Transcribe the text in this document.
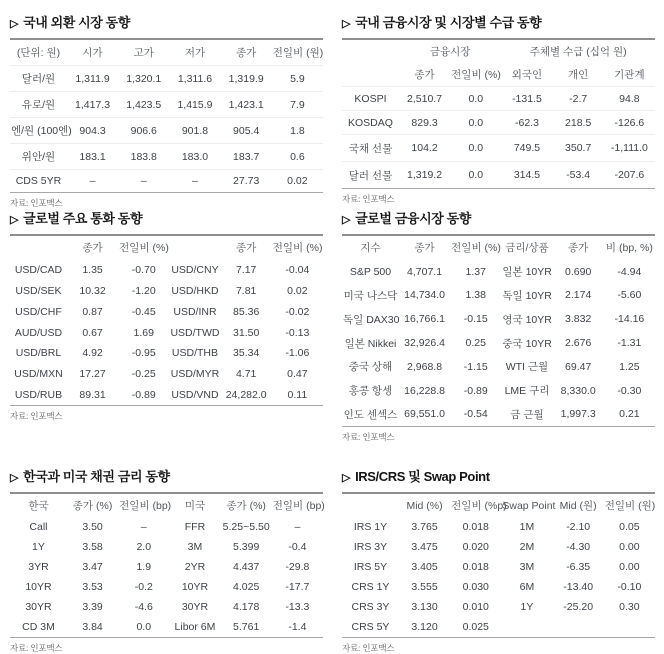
▷ 국내 외환 시장 동향
(단위: 원)	시가	고가	저가	종가	전일비 (원)
달러/원	1,311.9	1,320.1	1,311.6	1,319.9	5.9
유로/원	1,417.3	1,423.5	1,415.9	1,423.1	7.9
엔/원 (100엔)	904.3	906.6	901.8	905.4	1.8
위안/원	183.1	183.8	183.0	183.7	0.6
CDS 5YR	–	–	–	27.73	0.02
자료: 인포맥스
▷ 국내 금융시장 및 시장별 수급 동향
	금융시장		주체별 수급 (십억 원)		
	종가	전일비 (%)	외국인	개인	기관계
KOSPI	2,510.7	0.0	-131.5	-2.7	94.8
KOSDAQ	829.3	0.0	-62.3	218.5	-126.6
국채 선물	104.2	0.0	749.5	350.7	-1,111.0
달러 선물	1,319.2	0.0	314.5	-53.4	-207.6
자료: 인포맥스
▷ 글로벌 주요 통화 동향
	종가	전일비 (%)		종가	전일비 (%)
USD/CAD	1.35	-0.70	USD/CNY	7.17	-0.04
USD/SEK	10.32	-1.20	USD/HKD	7.81	0.02
USD/CHF	0.87	-0.45	USD/INR	85.36	-0.02
AUD/USD	0.67	1.69	USD/TWD	31.50	-0.13
USD/BRL	4.92	-0.95	USD/THB	35.34	-1.06
USD/MXN	17.27	-0.25	USD/MYR	4.71	0.47
USD/RUB	89.31	-0.89	USD/VND	24,282.0	0.11
자료: 인포맥스
▷ 글로벌 금융시장 동향
지수	종가	전일비 (%)	금리/상품	종가	비 (bp, %)
S&P 500	4,707.1	1.37	일본 10YR	0.690	-4.94
미국 나스닥	14,734.0	1.38	독일 10YR	2.174	-5.60
독일 DAX30	16,766.1	-0.15	영국 10YR	3.832	-14.16
일본 Nikkei	32,926.4	0.25	중국 10YR	2.676	-1.31
중국 상해	2,968.8	-1.15	WTI 근월	69.47	1.25
홍콩 항셍	16,228.8	-0.89	LME 구리	8,330.0	-0.30
인도 센섹스	69,551.0	-0.54	금 근월	1,997.3	0.21
자료: 인포맥스
▷ 한국과 미국 채권 금리 동향
한국	종가 (%)	전일비 (bp)	미국	종가 (%)	전일비 (bp)
Call	3.50	–	FFR	5.25~5.50	–
1Y	3.58	2.0	3M	5.399	-0.4
3YR	3.47	1.9	2YR	4.437	-29.8
10YR	3.53	-0.2	10YR	4.025	-17.7
30YR	3.39	-4.6	30YR	4.178	-13.3
CD 3M	3.84	0.0	Libor 6M	5.761	-1.4
자료: 인포맥스
▷ IRS/CRS 및 Swap Point
	Mid (%)	전일비 (%p)	Swap Point	Mid (원)	전일비 (원)
IRS 1Y	3.765	0.018	1M	-2.10	0.05
IRS 3Y	3.475	0.020	2M	-4.30	0.00
IRS 5Y	3.405	0.018	3M	-6.35	0.00
CRS 1Y	3.555	0.030	6M	-13.40	-0.10
CRS 3Y	3.130	0.010	1Y	-25.20	0.30
CRS 5Y	3.120	0.025			
자료: 인포맥스
